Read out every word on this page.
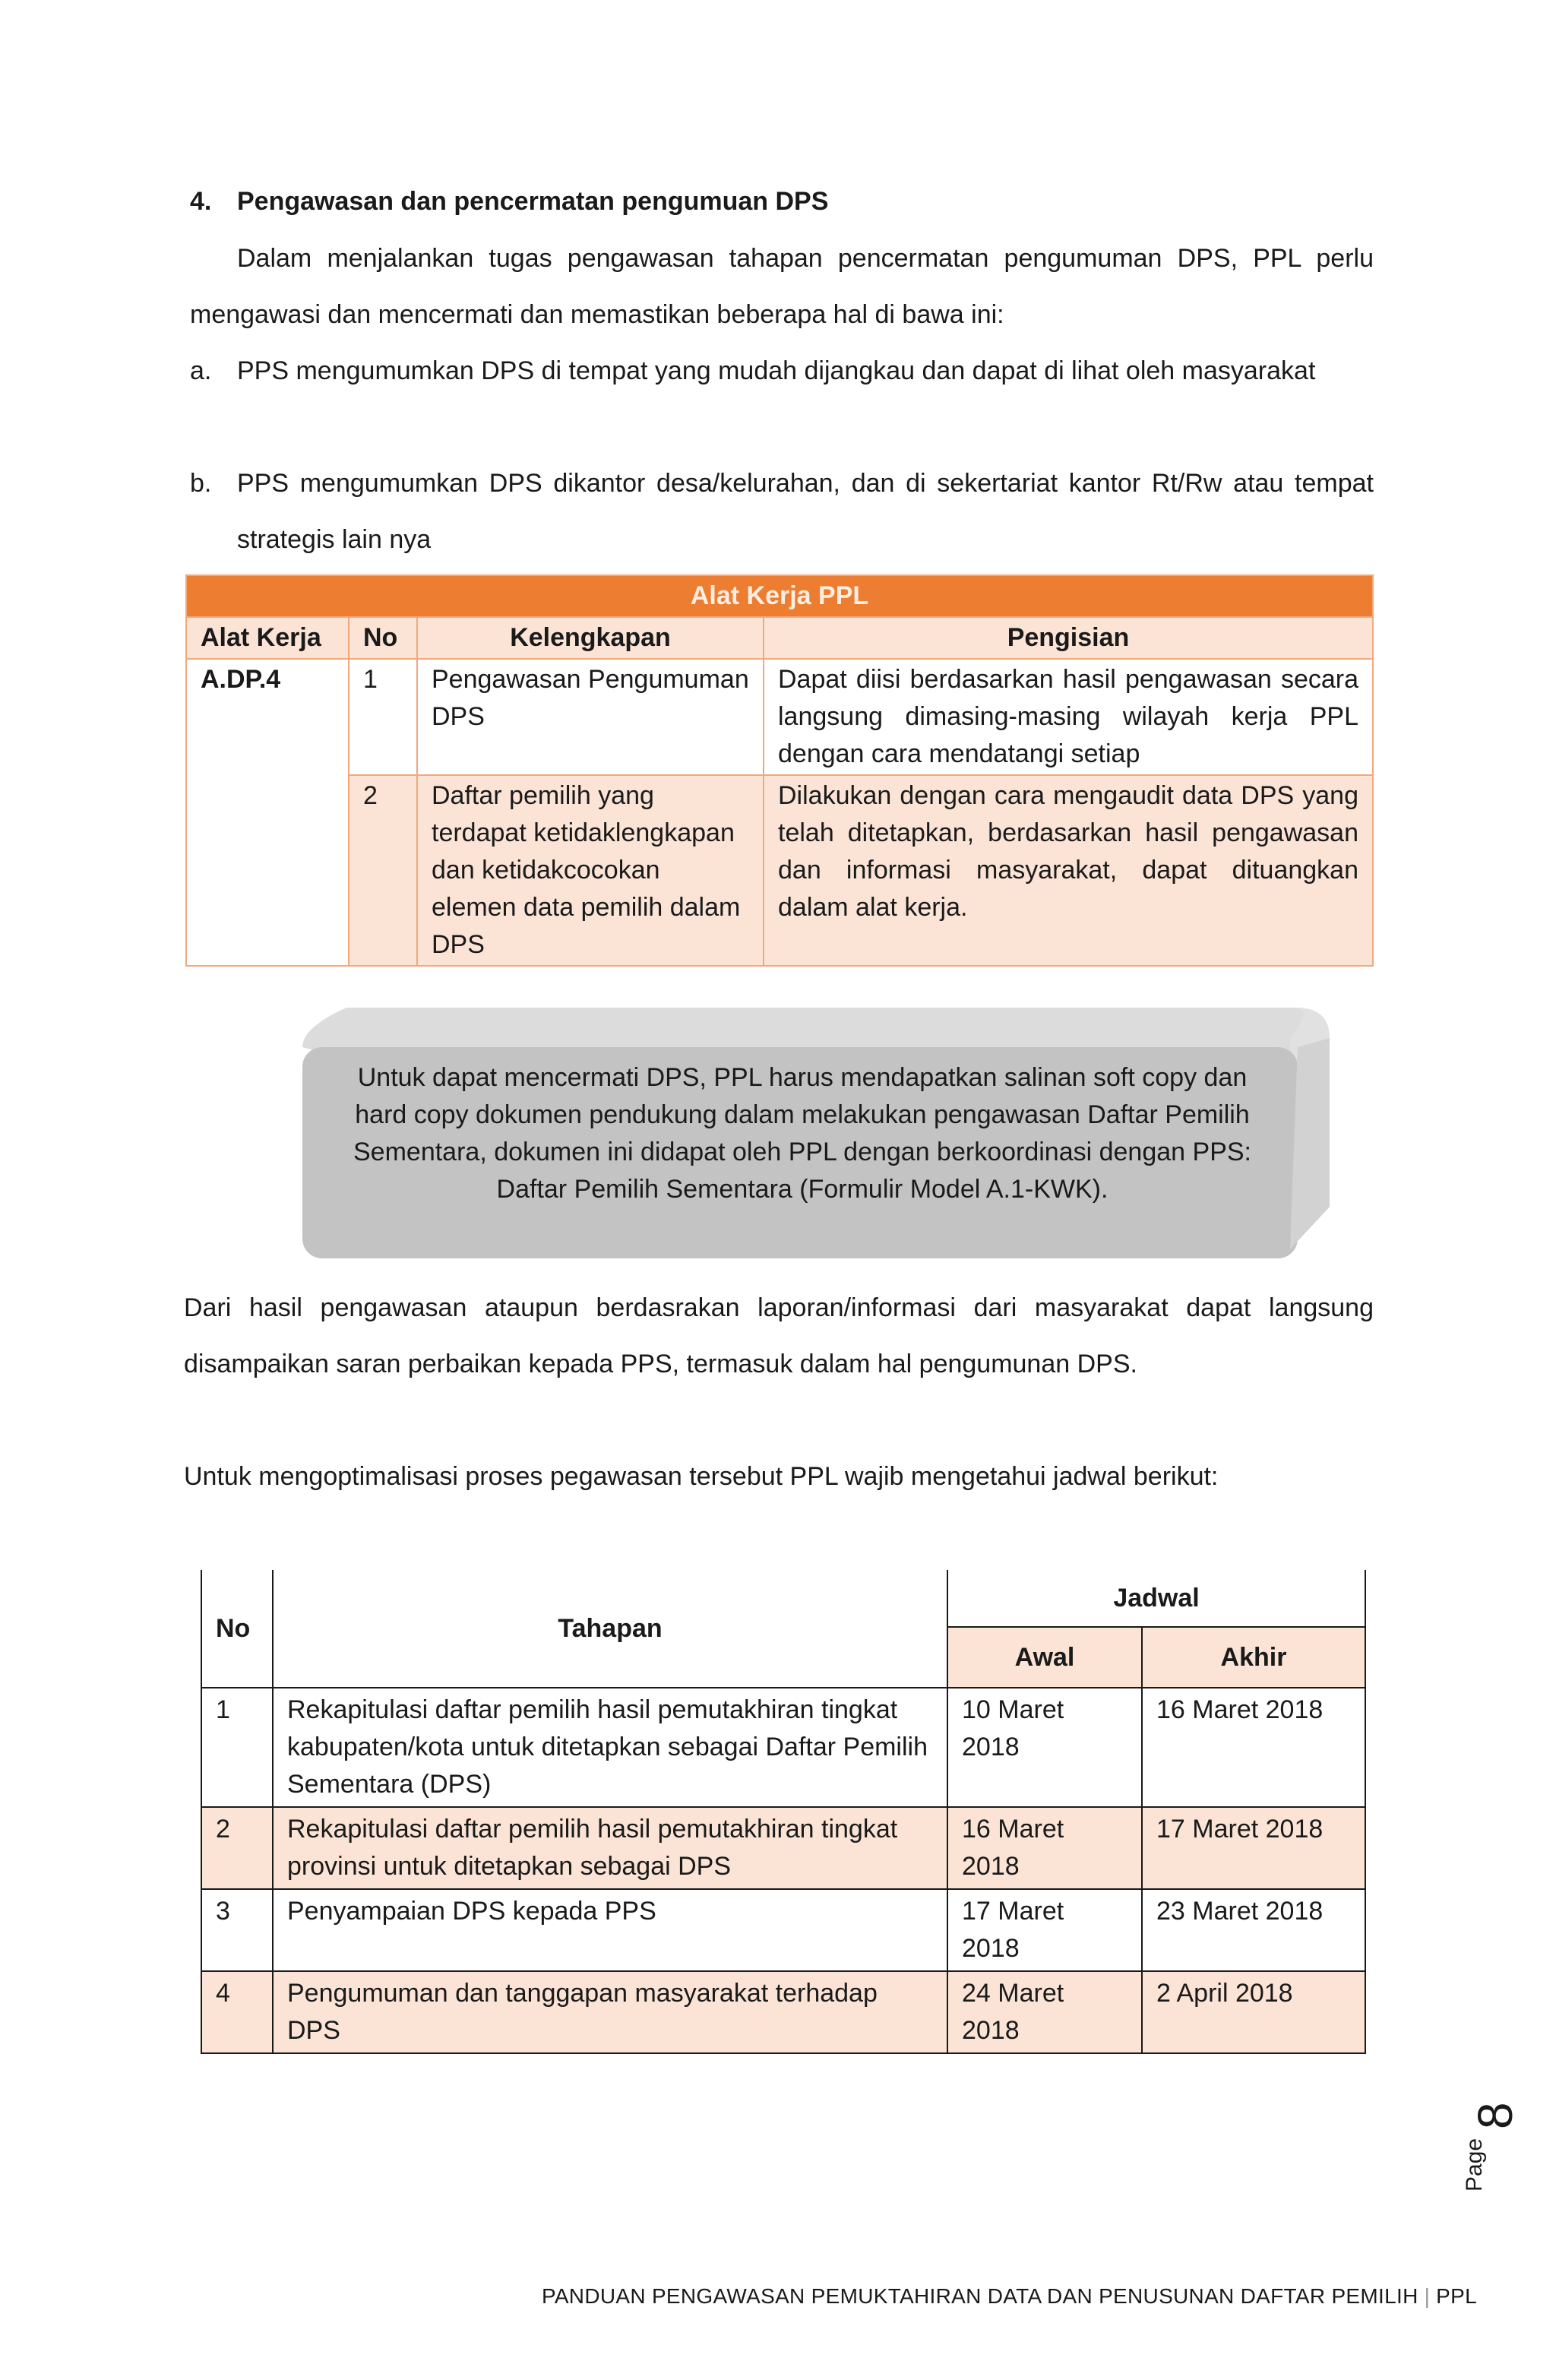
4. Pengawasan dan pencermatan pengumuan DPS
Dalam menjalankan tugas pengawasan tahapan pencermatan pengumuman DPS, PPL perlu mengawasi dan mencermati dan memastikan beberapa hal di bawa ini:
a. PPS mengumumkan DPS di tempat yang mudah dijangkau dan dapat di lihat oleh masyarakat
b. PPS mengumumkan DPS dikantor desa/kelurahan, dan di sekertariat kantor Rt/Rw atau tempat strategis lain nya
Alat Kerja PPL			
Alat Kerja	No	Kelengkapan	Pengisian
A.DP.4	1	Pengawasan Pengumuman DPS	Dapat diisi berdasarkan hasil pengawasan secara langsung dimasing-masing wilayah kerja PPL dengan cara mendatangi setiap
	2	Daftar pemilih yang terdapat ketidaklengkapan dan ketidakcocokan elemen data pemilih dalam DPS	Dilakukan dengan cara mengaudit data DPS yang telah ditetapkan, berdasarkan hasil pengawasan dan informasi masyarakat, dapat dituangkan dalam alat kerja.
Untuk dapat mencermati DPS, PPL harus mendapatkan salinan soft copy dan hard copy dokumen pendukung dalam melakukan pengawasan Daftar Pemilih Sementara, dokumen ini didapat oleh PPL dengan berkoordinasi dengan PPS: Daftar Pemilih Sementara (Formulir Model A.1-KWK).
Dari hasil pengawasan ataupun berdasrakan laporan/informasi dari masyarakat dapat langsung disampaikan saran perbaikan kepada PPS, termasuk dalam hal pengumunan DPS.
Untuk mengoptimalisasi proses pegawasan tersebut PPL wajib mengetahui jadwal berikut:
No	Tahapan	Jadwal	
		Awal	Akhir
1	Rekapitulasi daftar pemilih hasil pemutakhiran tingkat kabupaten/kota untuk ditetapkan sebagai Daftar Pemilih Sementara (DPS)	10 Maret 2018	16 Maret 2018
2	Rekapitulasi daftar pemilih hasil pemutakhiran tingkat provinsi untuk ditetapkan sebagai DPS	16 Maret 2018	17 Maret 2018
3	Penyampaian DPS kepada PPS	17 Maret 2018	23 Maret 2018
4	Pengumuman dan tanggapan masyarakat terhadap DPS	24 Maret 2018	2 April 2018
Page
8
PANDUAN PENGAWASAN PEMUKTAHIRAN DATA DAN PENUSUNAN DAFTAR PEMILIH | PPL
